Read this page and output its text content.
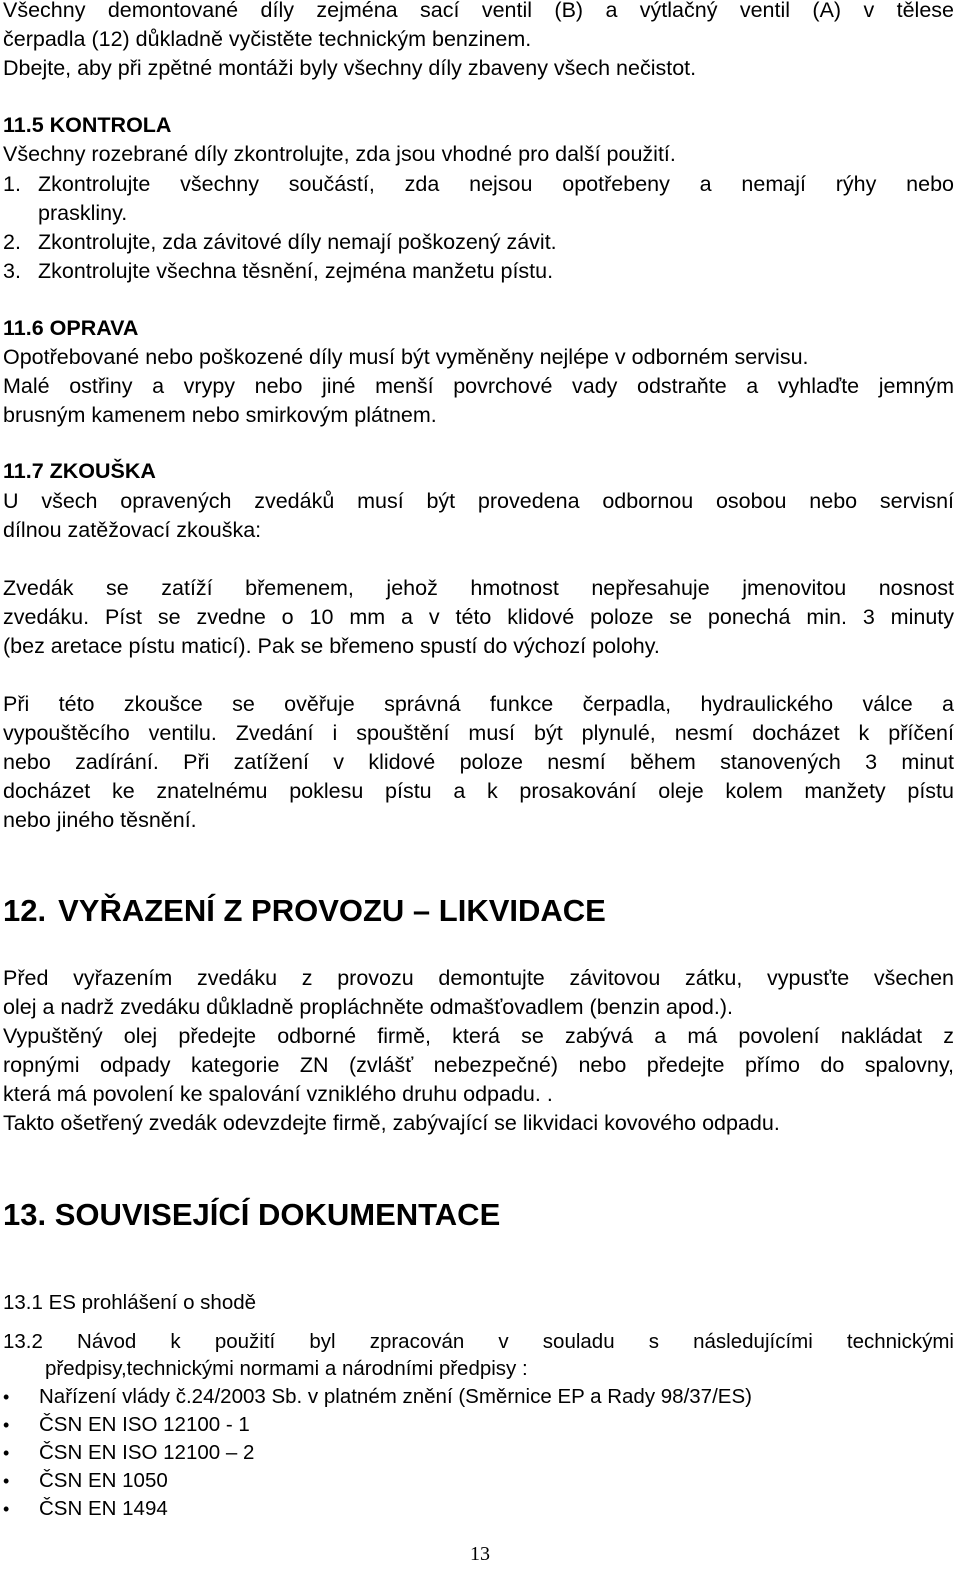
Všechny demontované díly zejména sací ventil (B) a výtlačný ventil (A) v tělese
čerpadla (12) důkladně vyčistěte technickým benzinem.
Dbejte, aby při zpětné montáži byly všechny díly zbaveny všech nečistot.
11.5 KONTROLA
Všechny rozebrané díly zkontrolujte, zda jsou vhodné pro další použití.
1. Zkontrolujte všechny součástí, zda nejsou opotřebeny a nemají rýhy nebo
praskliny.
2. Zkontrolujte, zda závitové díly nemají poškozený závit.
3. Zkontrolujte všechna těsnění, zejména manžetu pístu.
11.6 OPRAVA
Opotřebované nebo poškozené díly musí být vyměněny nejlépe v odborném servisu.
Malé ostřiny a vrypy nebo jiné menší povrchové vady odstraňte a vyhlaďte jemným
brusným kamenem nebo smirkovým plátnem.
11.7 ZKOUŠKA
U všech opravených zvedáků musí být provedena odbornou osobou nebo servisní
dílnou zatěžovací zkouška:
Zvedák se zatíží břemenem, jehož hmotnost nepřesahuje jmenovitou nosnost
zvedáku. Píst se zvedne o 10 mm a v této klidové poloze se ponechá min. 3 minuty
(bez aretace pístu maticí). Pak se břemeno spustí do výchozí polohy.
Při této zkoušce se ověřuje správná funkce čerpadla, hydraulického válce a
vypouštěcího ventilu. Zvedání i spouštění musí být plynulé, nesmí docházet k příčení
nebo zadírání. Při zatížení v klidové poloze nesmí během stanovených 3 minut
docházet ke znatelnému poklesu pístu a k prosakování oleje kolem manžety pístu
nebo jiného těsnění.
12. VYŘAZENÍ Z PROVOZU – LIKVIDACE
Před vyřazením zvedáku z provozu demontujte závitovou zátku, vypusťte všechen
olej a nadrž zvedáku důkladně propláchněte odmašťovadlem (benzin apod.).
Vypuštěný olej předejte odborné firmě, která se zabývá a má povolení nakládat z
ropnými odpady kategorie ZN (zvlášť nebezpečné) nebo předejte přímo do spalovny,
která má povolení ke spalování vzniklého druhu odpadu. .
Takto ošetřený zvedák odevzdejte firmě, zabývající se likvidaci kovového odpadu.
13. SOUVISEJÍCÍ DOKUMENTACE
13.1 ES prohlášení o shodě
13.2 Návod k použití byl zpracován v souladu s následujícími technickými
předpisy,technickými normami a národními předpisy :
• Nařízení vlády č.24/2003 Sb. v platném znění (Směrnice EP a Rady 98/37/ES)
• ČSN EN ISO 12100 - 1
• ČSN EN ISO 12100 – 2
• ČSN EN 1050
• ČSN EN 1494
13
